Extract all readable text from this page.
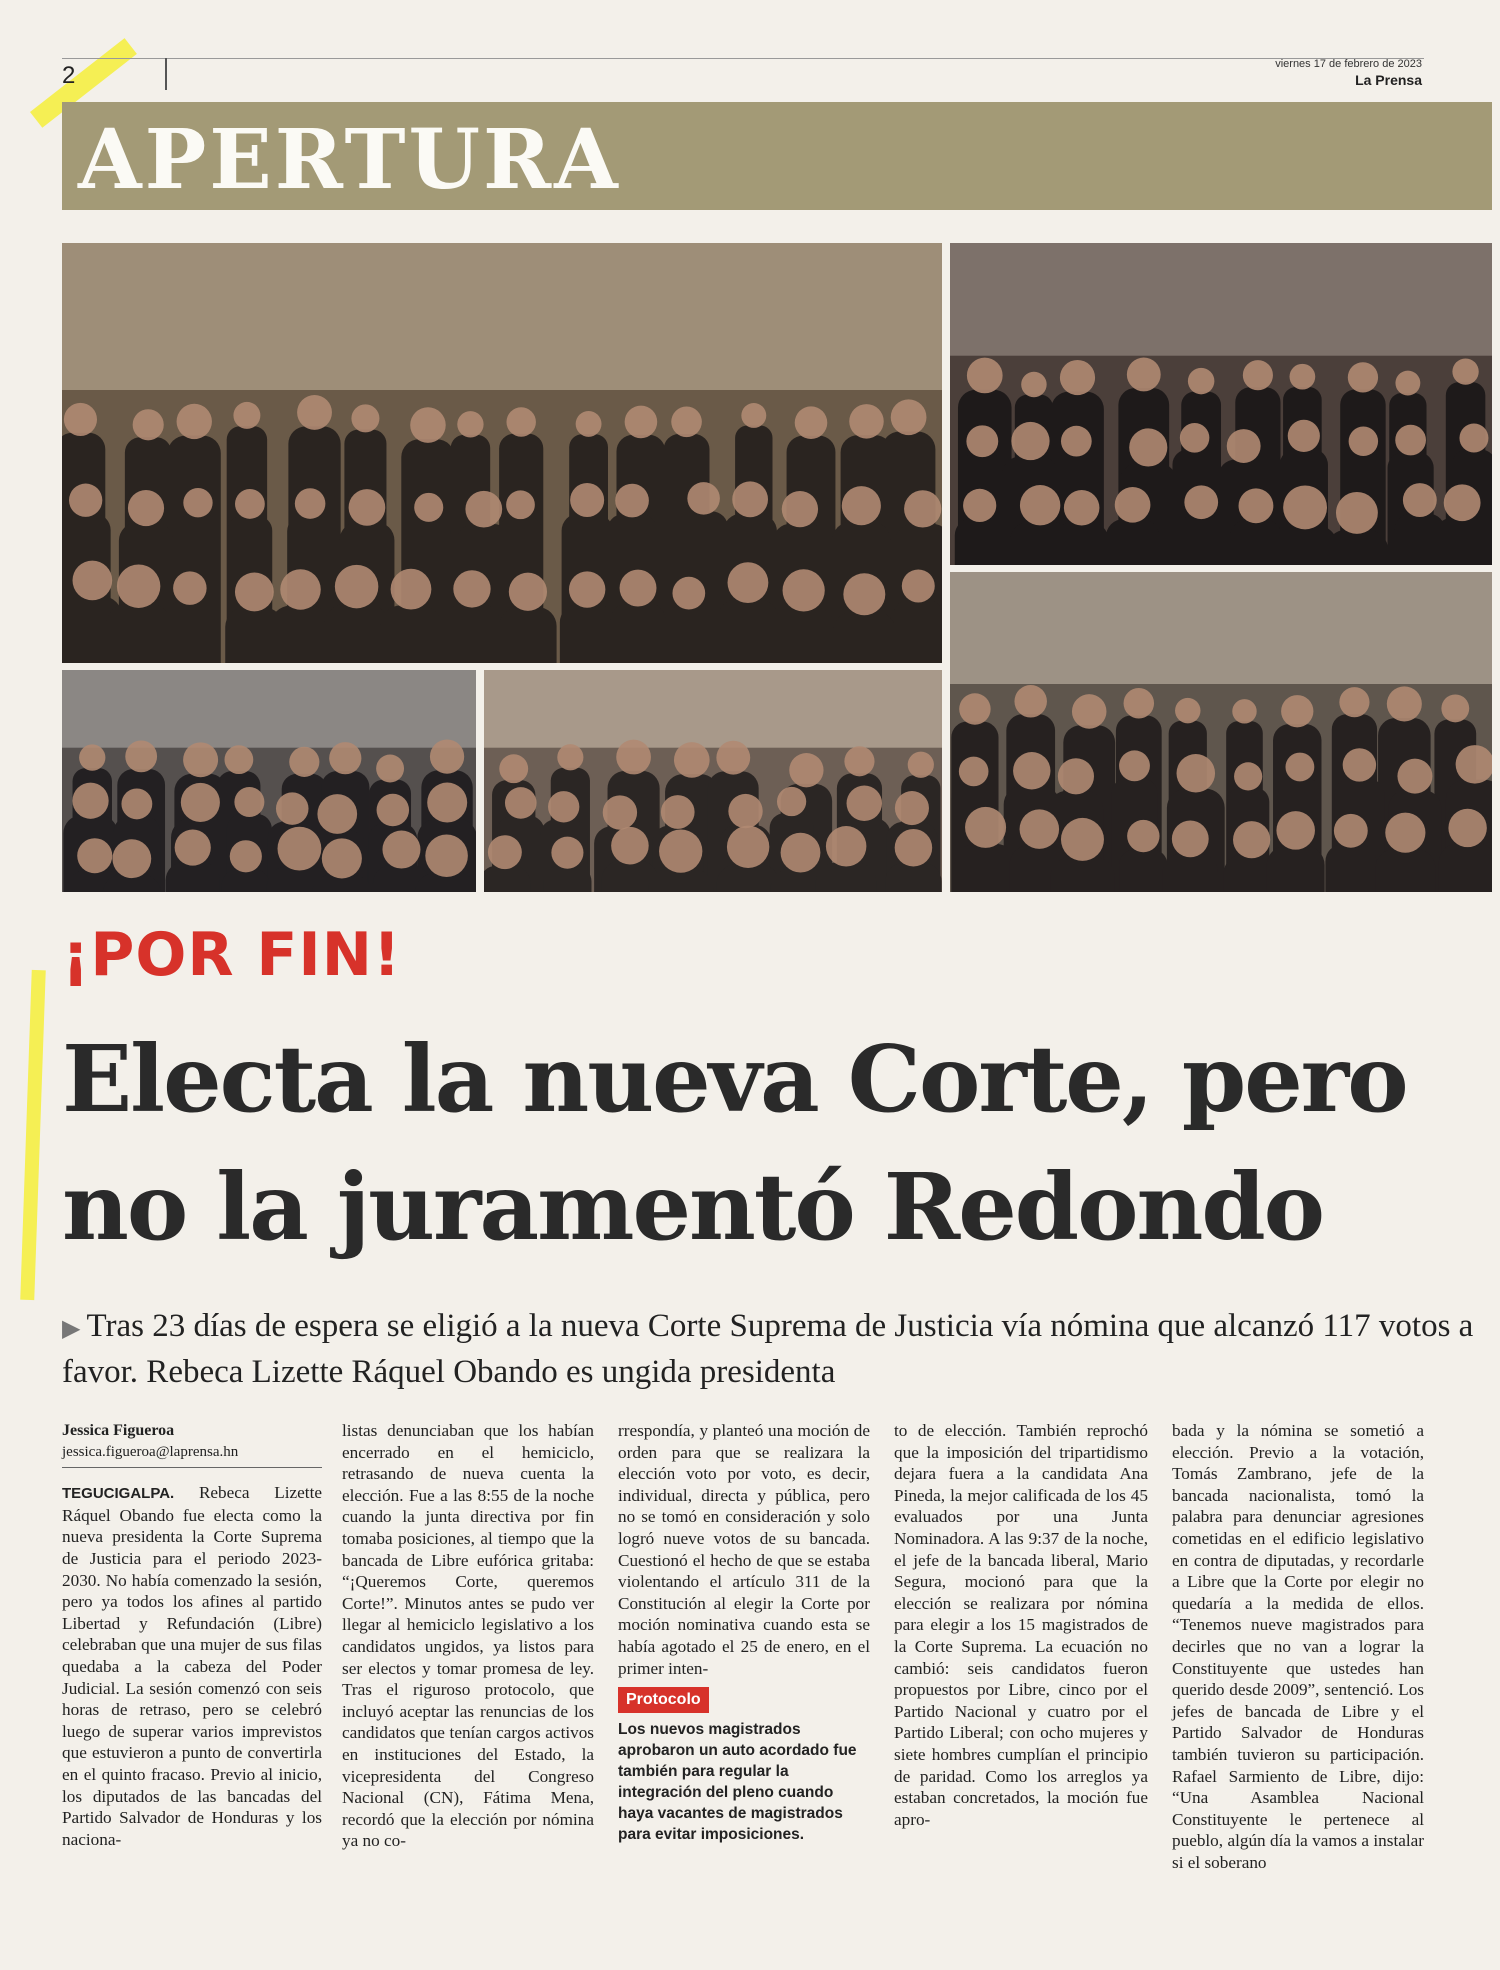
2	viernes 17 de febrero de 2023
La Prensa
APERTURA
¡POR FIN!
Electa la nueva Corte, pero
no la juramentó Redondo
▶ Tras 23 días de espera se eligió a la nueva Corte Suprema de Justicia vía nómina que alcanzó 117 votos a favor. Rebeca Lizette Ráquel Obando es ungida presidenta
Jessica Figueroa
jessica.figueroa@laprensa.hn

TEGUCIGALPA. Rebeca Lizette Ráquel Obando fue electa como la nueva presidenta la Corte Suprema de Justicia para el periodo 2023-2030. No había comenzado la sesión, pero ya todos los afines al partido Libertad y Refundación (Libre) celebraban que una mujer de sus filas quedaba a la cabeza del Poder Judicial. La sesión comenzó con seis horas de retraso, pero se celebró luego de superar varios imprevistos que estuvieron a punto de convertirla en el quinto fracaso. Previo al inicio, los diputados de las bancadas del Partido Salvador de Honduras y los naciona-

listas denunciaban que los habían encerrado en el hemiciclo, retrasando de nueva cuenta la elección. Fue a las 8:55 de la noche cuando la junta directiva por fin tomaba posiciones, al tiempo que la bancada de Libre eufórica gritaba: “¡Queremos Corte, queremos Corte!”. Minutos antes se pudo ver llegar al hemiciclo legislativo a los candidatos ungidos, ya listos para ser electos y tomar promesa de ley. Tras el riguroso protocolo, que incluyó aceptar las renuncias de los candidatos que tenían cargos activos en instituciones del Estado, la vicepresidenta del Congreso Nacional (CN), Fátima Mena, recordó que la elección por nómina ya no co-

rrespondía, y planteó una moción de orden para que se realizara la elección voto por voto, es decir, individual, directa y pública, pero no se tomó en consideración y solo logró nueve votos de su bancada. Cuestionó el hecho de que se estaba violentando el artículo 311 de la Constitución al elegir la Corte por moción nominativa cuando esta se había agotado el 25 de enero, en el primer inten-

Protocolo
Los nuevos magistrados aprobaron un auto acordado fue también para regular la integración del pleno cuando haya vacantes de magistrados para evitar imposiciones.

to de elección. También reprochó que la imposición del tripartidismo dejara fuera a la candidata Ana Pineda, la mejor calificada de los 45 evaluados por una Junta Nominadora. A las 9:37 de la noche, el jefe de la bancada liberal, Mario Segura, mocionó para que la elección se realizara por nómina para elegir a los 15 magistrados de la Corte Suprema. La ecuación no cambió: seis candidatos fueron propuestos por Libre, cinco por el Partido Nacional y cuatro por el Partido Liberal; con ocho mujeres y siete hombres cumplían el principio de paridad. Como los arreglos ya estaban concretados, la moción fue apro-

bada y la nómina se sometió a elección. Previo a la votación, Tomás Zambrano, jefe de la bancada nacionalista, tomó la palabra para denunciar agresiones cometidas en el edificio legislativo en contra de diputadas, y recordarle a Libre que la Corte por elegir no quedaría a la medida de ellos. “Tenemos nueve magistrados para decirles que no van a lograr la Constituyente que ustedes han querido desde 2009”, sentenció. Los jefes de bancada de Libre y el Partido Salvador de Honduras también tuvieron su participación. Rafael Sarmiento de Libre, dijo: “Una Asamblea Nacional Constituyente le pertenece al pueblo, algún día la vamos a instalar si el soberano
